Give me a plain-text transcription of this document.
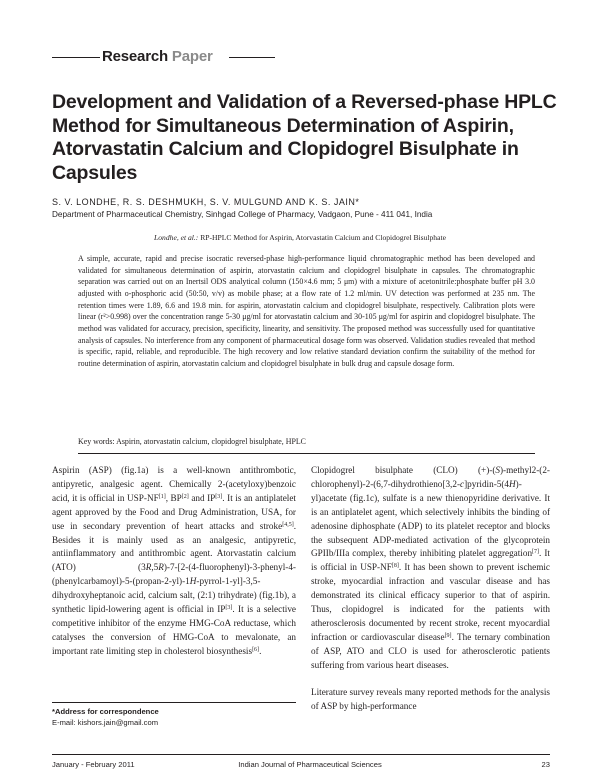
Research Paper
Development and Validation of a Reversed-phase HPLC Method for Simultaneous Determination of Aspirin, Atorvastatin Calcium and Clopidogrel Bisulphate in Capsules
S. V. LONDHE, R. S. DESHMUKH, S. V. MULGUND AND K. S. JAIN*
Department of Pharmaceutical Chemistry, Sinhgad College of Pharmacy, Vadgaon, Pune - 411 041, India
Londhe, et al.: RP-HPLC Method for Aspirin, Atorvastatin Calcium and Clopidogrel Bisulphate
A simple, accurate, rapid and precise isocratic reversed-phase high-performance liquid chromatographic method has been developed and validated for simultaneous determination of aspirin, atorvastatin calcium and clopidogrel bisulphate in capsules. The chromatographic separation was carried out on an Inertsil ODS analytical column (150×4.6 mm; 5 μm) with a mixture of acetonitrile:phosphate buffer pH 3.0 adjusted with o-phosphoric acid (50:50, v/v) as mobile phase; at a flow rate of 1.2 ml/min. UV detection was performed at 235 nm. The retention times were 1.89, 6.6 and 19.8 min. for aspirin, atorvastatin calcium and clopidogrel bisulphate, respectively. Calibration plots were linear (r²>0.998) over the concentration range 5-30 μg/ml for atorvastatin calcium and 30-105 μg/ml for aspirin and clopidogrel bisulphate. The method was validated for accuracy, precision, specificity, linearity, and sensitivity. The proposed method was successfully used for quantitative analysis of capsules. No interference from any component of pharmaceutical dosage form was observed. Validation studies revealed that method is specific, rapid, reliable, and reproducible. The high recovery and low relative standard deviation confirm the suitability of the method for routine determination of aspirin, atorvastatin calcium and clopidogrel bisulphate in bulk drug and capsule dosage form.
Key words: Aspirin, atorvastatin calcium, clopidogrel bisulphate, HPLC

Aspirin (ASP) (fig.1a) is a well-known antithrombotic, antipyretic, analgesic agent. Chemically 2-(acetyloxy)benzoic acid, it is official in USP-NF[1], BP[2] and IP[3]. It is an antiplatelet agent approved by the Food and Drug Administration, USA, for use in secondary prevention of heart attacks and stroke[4,5]. Besides it is mainly used as an analgesic, antipyretic, antiinflammatory and antithrombic agent. Atorvastatin calcium (ATO) (3R,5R)-7-[2-(4-fluorophenyl)-3-phenyl-4-(phenylcarbamoyl)-5-(propan-2-yl)-1H-pyrrol-1-yl]-3,5-dihydroxyheptanoic acid, calcium salt, (2:1) trihydrate) (fig.1b), a synthetic lipid-lowering agent is official in IP[3]. It is a selective competitive inhibitor of the enzyme HMG-CoA reductase, which catalyses the conversion of HMG-CoA to mevalonate, an important rate limiting step in cholesterol biosynthesis[6].

Clopidogrel bisulphate (CLO) (+)-(S)-methyl2-(2-chlorophenyl)-2-(6,7-dihydrothieno[3,2-c]pyridin-5(4H)-yl)acetate (fig.1c), sulfate is a new thienopyridine derivative. It is an antiplatelet agent, which selectively inhibits the binding of adenosine diphosphate (ADP) to its platelet receptor and blocks the subsequent ADP-mediated activation of the glycoprotein GPIIb/IIIa complex, thereby inhibiting platelet aggregation[7]. It is official in USP-NF[8]. It has been shown to prevent ischemic stroke, myocardial infraction and vascular disease and has demonstrated its clinical efficacy superior to that of aspirin. Thus, clopidogrel is indicated for the patients with atherosclerosis documented by recent stroke, recent myocardial infraction or cardiovascular disease[9]. The ternary combination of ASP, ATO and CLO is used for atherosclerotic patients suffering from various heart diseases.

Literature survey reveals many reported methods for the analysis of ASP by high-performance

*Address for correspondence
E-mail: kishors.jain@gmail.com
January - February 2011	Indian Journal of Pharmaceutical Sciences	23
